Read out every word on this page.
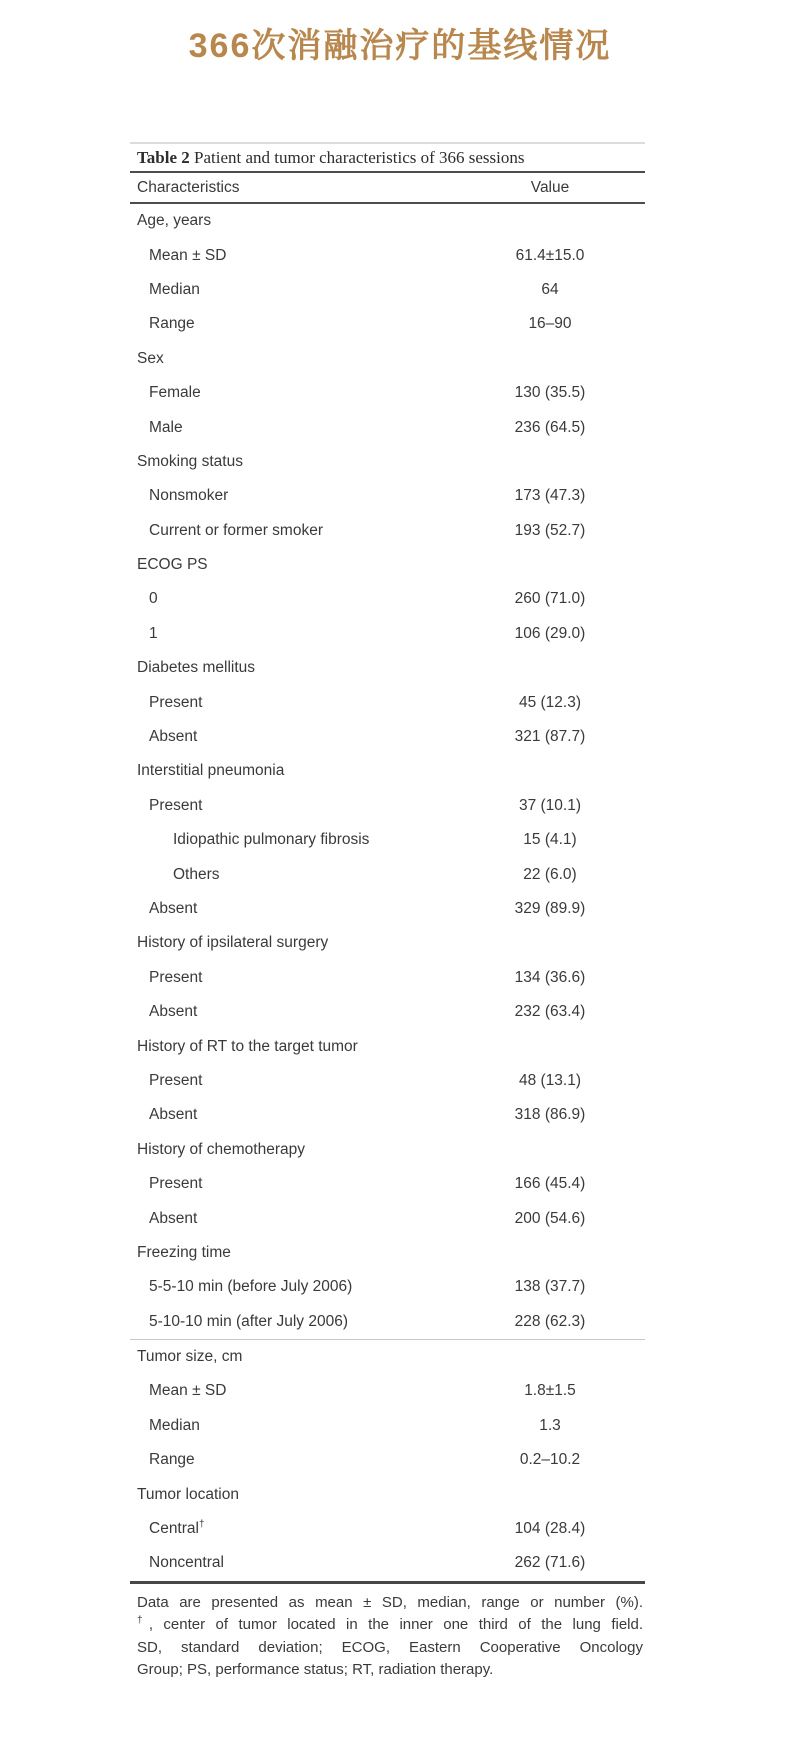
366次消融治疗的基线情况
Table 2 Patient and tumor characteristics of 366 sessions
Characteristics	Value
Age, years
Mean ± SD	61.4±15.0
Median	64
Range	16–90
Sex
Female	130 (35.5)
Male	236 (64.5)
Smoking status
Nonsmoker	173 (47.3)
Current or former smoker	193 (52.7)
ECOG PS
0	260 (71.0)
1	106 (29.0)
Diabetes mellitus
Present	45 (12.3)
Absent	321 (87.7)
Interstitial pneumonia
Present	37 (10.1)
Idiopathic pulmonary fibrosis	15 (4.1)
Others	22 (6.0)
Absent	329 (89.9)
History of ipsilateral surgery
Present	134 (36.6)
Absent	232 (63.4)
History of RT to the target tumor
Present	48 (13.1)
Absent	318 (86.9)
History of chemotherapy
Present	166 (45.4)
Absent	200 (54.6)
Freezing time
5-5-10 min (before July 2006)	138 (37.7)
5-10-10 min (after July 2006)	228 (62.3)
Tumor size, cm
Mean ± SD	1.8±1.5
Median	1.3
Range	0.2–10.2
Tumor location
Central†	104 (28.4)
Noncentral	262 (71.6)
Data are presented as mean ± SD, median, range or number (%).
†, center of tumor located in the inner one third of the lung field.
SD, standard deviation; ECOG, Eastern Cooperative Oncology
Group; PS, performance status; RT, radiation therapy.
